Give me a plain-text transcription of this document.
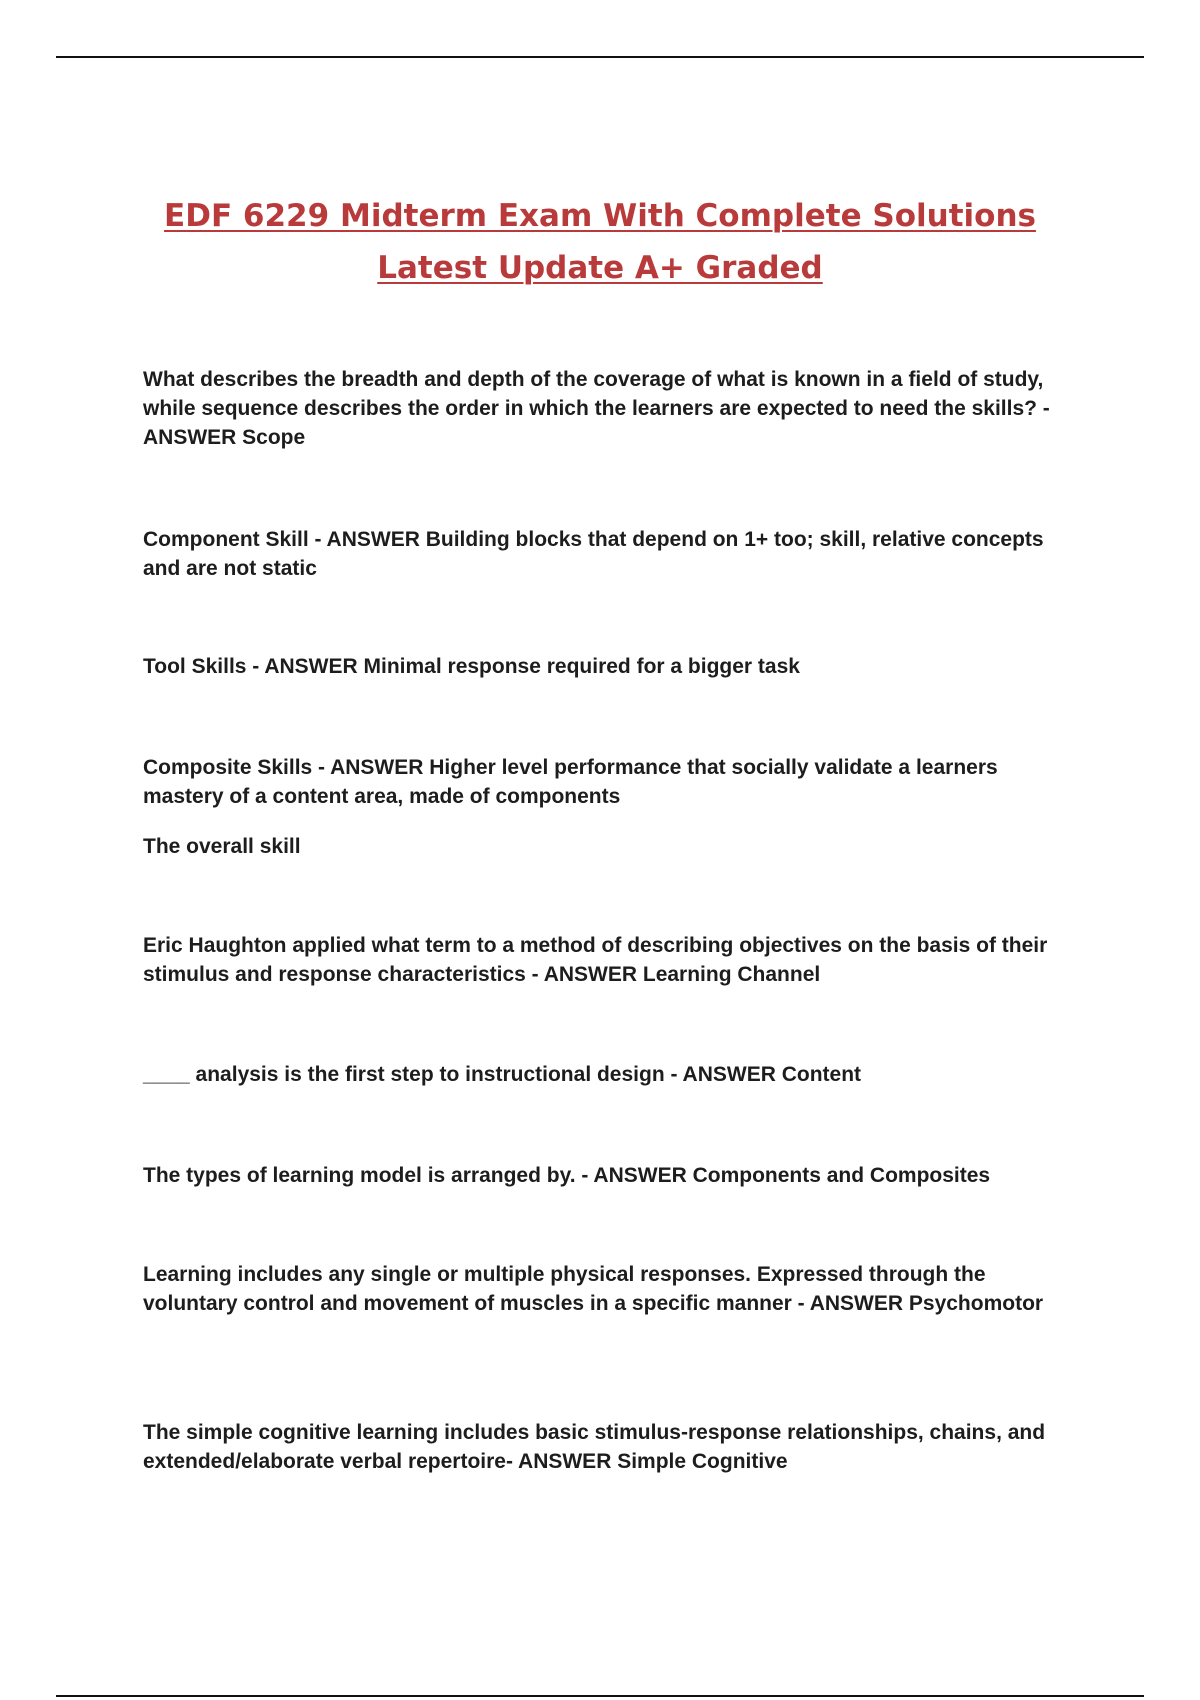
EDF 6229 Midterm Exam With Complete Solutions
Latest Update A+ Graded

What describes the breadth and depth of the coverage of what is known in a field of study, while sequence describes the order in which the learners are expected to need the skills? - ANSWER Scope

Component Skill - ANSWER Building blocks that depend on 1+ too; skill, relative concepts and are not static

Tool Skills - ANSWER Minimal response required for a bigger task

Composite Skills - ANSWER Higher level performance that socially validate a learners mastery of a content area, made of components

The overall skill

Eric Haughton applied what term to a method of describing objectives on the basis of their stimulus and response characteristics - ANSWER Learning Channel

____ analysis is the first step to instructional design - ANSWER Content

The types of learning model is arranged by. - ANSWER Components and Composites

Learning includes any single or multiple physical responses. Expressed through the voluntary control and movement of muscles in a specific manner - ANSWER Psychomotor

The simple cognitive learning includes basic stimulus-response relationships, chains, and extended/elaborate verbal repertoire- ANSWER Simple Cognitive
